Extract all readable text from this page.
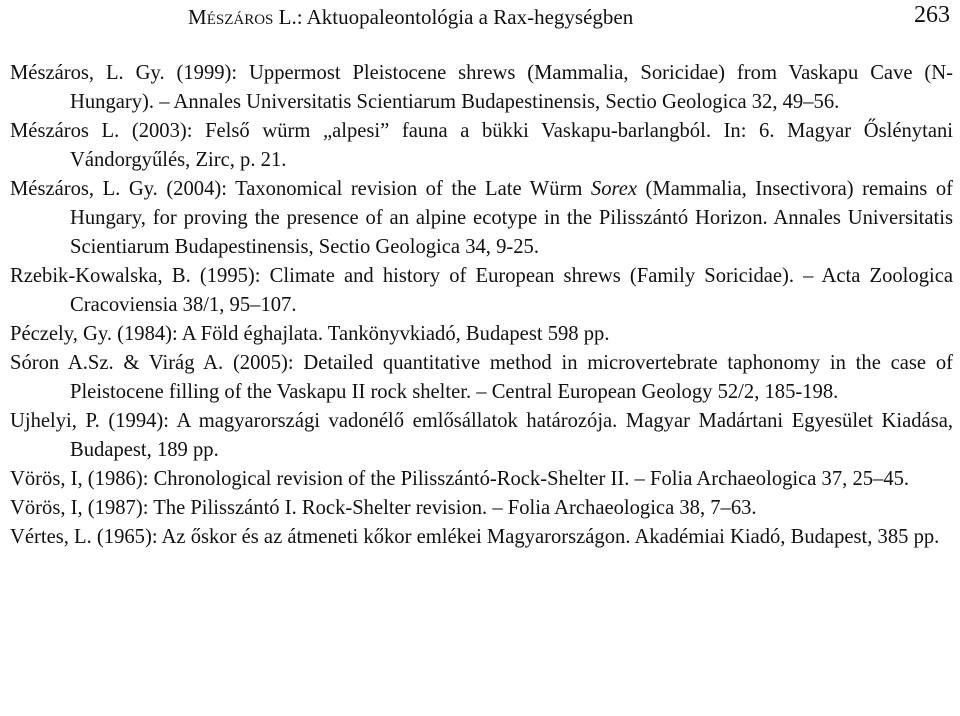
Mészáros L.: Aktuopaleontológia a Rax-hegységben	263

Mészáros, L. Gy. (1999): Uppermost Pleistocene shrews (Mammalia, Soricidae) from Vaskapu Cave (N-Hungary). – Annales Universitatis Scientiarum Budapestinensis, Sectio Geologica 32, 49–56.

Mészáros L. (2003): Felső würm „alpesi” fauna a bükki Vaskapu-barlangból. In: 6. Magyar Őslénytani Vándorgyűlés, Zirc, p. 21.

Mészáros, L. Gy. (2004): Taxonomical revision of the Late Würm Sorex (Mammalia, Insectivora) remains of Hungary, for proving the presence of an alpine ecotype in the Pilisszántó Horizon. Annales Universitatis Scientiarum Budapestinensis, Sectio Geologica 34, 9-25.

Rzebik-Kowalska, B. (1995): Climate and history of European shrews (Family Soricidae). – Acta Zoologica Cracoviensia 38/1, 95–107.

Péczely, Gy. (1984): A Föld éghajlata. Tankönyvkiadó, Budapest 598 pp.

Sóron A.Sz. & Virág A. (2005): Detailed quantitative method in microvertebrate taphonomy in the case of Pleistocene filling of the Vaskapu II rock shelter. – Central European Geology 52/2, 185-198.

Ujhelyi, P. (1994): A magyarországi vadonélő emlősállatok határozója. Magyar Madártani Egyesület Kiadása, Budapest, 189 pp.

Vörös, I, (1986): Chronological revision of the Pilisszántó-Rock-Shelter II. – Folia Archaeologica 37, 25–45.

Vörös, I, (1987): The Pilisszántó I. Rock-Shelter revision. – Folia Archaeologica 38, 7–63.

Vértes, L. (1965): Az őskor és az átmeneti kőkor emlékei Magyarországon. Akadémiai Kiadó, Budapest, 385 pp.
